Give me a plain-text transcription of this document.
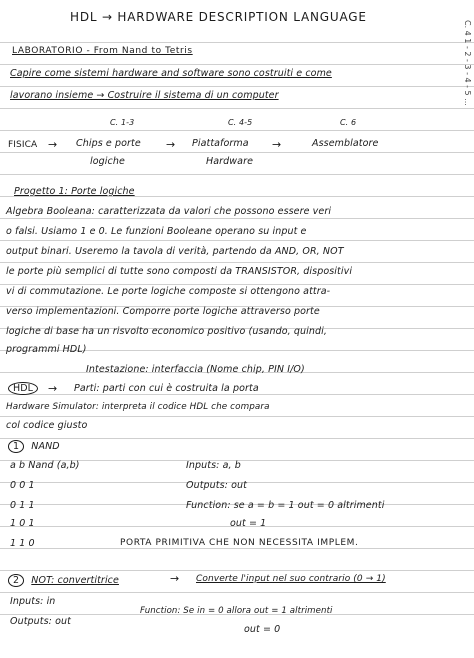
HDL → HARDWARE DESCRIPTION LANGUAGE
LABORATORIO - From Nand to Tetris
Capire come sistemi hardware and software sono costruiti e come
lavorano insieme → Costruire il sistema di un computer
C. 1-3	C. 4-5	C. 6
FISICA → Chips e porte
logiche
→ Piattaforma
Hardware
→	Assemblatore
Progetto 1: Porte logiche
Algebra Booleana: caratterizzata da valori che possono essere veri
o falsi. Usiamo 1 e 0. Le funzioni Booleane operano su input e
output binari. Useremo la tavola di verità, partendo da AND, OR, NOT
le porte più semplici di tutte sono composti da TRANSISTOR, dispositivi
vi di commutazione. Le porte logiche composte si ottengono attra-
verso implementazioni. Comporre porte logiche attraverso porte
logiche di base ha un risvolto economico positivo (usando, quindi,
programmi HDL)
Intestazione: interfaccia (Nome chip, PIN I/O)
HDL	→ Parti: parti con cui è costruita la porta
Hardware Simulator: interpreta il codice HDL che compara
col codice giusto
1 NAND
a b Nand (a,b)	Inputs: a, b
0 0 1	Outputs: out
0 1 1	Function: se a = b = 1 out = 0 altrimenti
1 0 1	out = 1
1 1 0	PORTA PRIMITIVA CHE NON NECESSITA IMPLEM.
2 NOT: convertitrice	→ Converte l'input nel suo contrario (0 → 1)
Inputs: in
Outputs: out
Function: Se in = 0 allora out = 1 altrimenti
out = 0
C. 4 1 - 2 - 3 - 4 - 5 ...
